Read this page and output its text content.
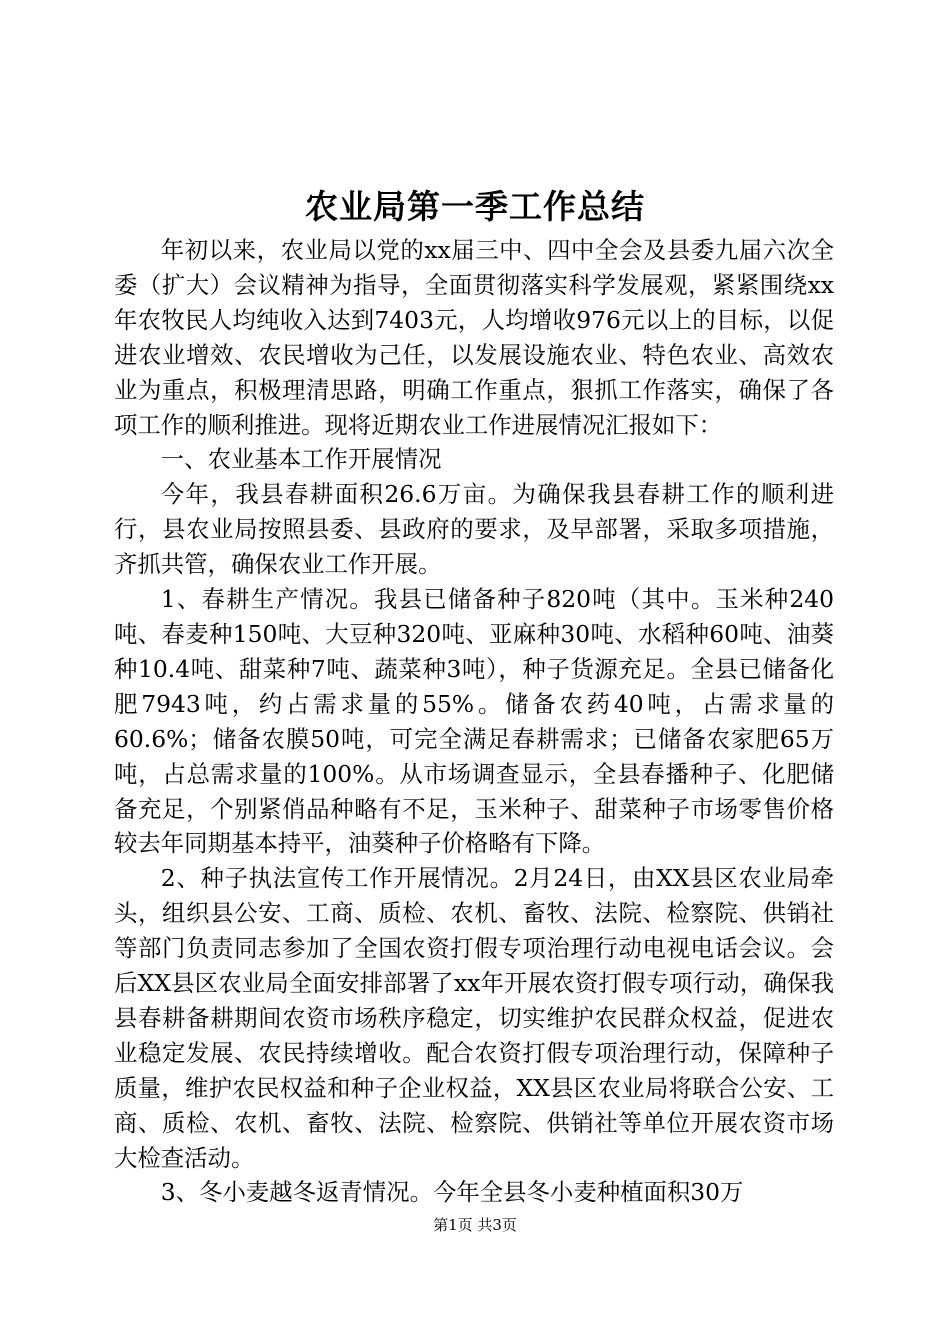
农业局第一季工作总结

年初以来，农业局以党的xx届三中、四中全会及县委九届六次全委（扩大）会议精神为指导，全面贯彻落实科学发展观，紧紧围绕xx年农牧民人均纯收入达到7403元，人均增收976元以上的目标，以促进农业增效、农民增收为己任，以发展设施农业、特色农业、高效农业为重点，积极理清思路，明确工作重点，狠抓工作落实，确保了各项工作的顺利推进。现将近期农业工作进展情况汇报如下：

一、农业基本工作开展情况

今年，我县春耕面积26.6万亩。为确保我县春耕工作的顺利进行，县农业局按照县委、县政府的要求，及早部署，采取多项措施，齐抓共管，确保农业工作开展。

1、春耕生产情况。我县已储备种子820吨（其中。玉米种240吨、春麦种150吨、大豆种320吨、亚麻种30吨、水稻种60吨、油葵种10.4吨、甜菜种7吨、蔬菜种3吨），种子货源充足。全县已储备化肥7943吨，约占需求量的55%。储备农药40吨，占需求量的60.6%；储备农膜50吨，可完全满足春耕需求；已储备农家肥65万吨，占总需求量的100%。从市场调查显示，全县春播种子、化肥储备充足，个别紧俏品种略有不足，玉米种子、甜菜种子市场零售价格较去年同期基本持平，油葵种子价格略有下降。

2、种子执法宣传工作开展情况。2月24日，由XX县区农业局牵头，组织县公安、工商、质检、农机、畜牧、法院、检察院、供销社等部门负责同志参加了全国农资打假专项治理行动电视电话会议。会后XX县区农业局全面安排部署了xx年开展农资打假专项行动，确保我县春耕备耕期间农资市场秩序稳定，切实维护农民群众权益，促进农业稳定发展、农民持续增收。配合农资打假专项治理行动，保障种子质量，维护农民权益和种子企业权益，XX县区农业局将联合公安、工商、质检、农机、畜牧、法院、检察院、供销社等单位开展农资市场大检查活动。

3、冬小麦越冬返青情况。今年全县冬小麦种植面积30万

第1页 共3页
